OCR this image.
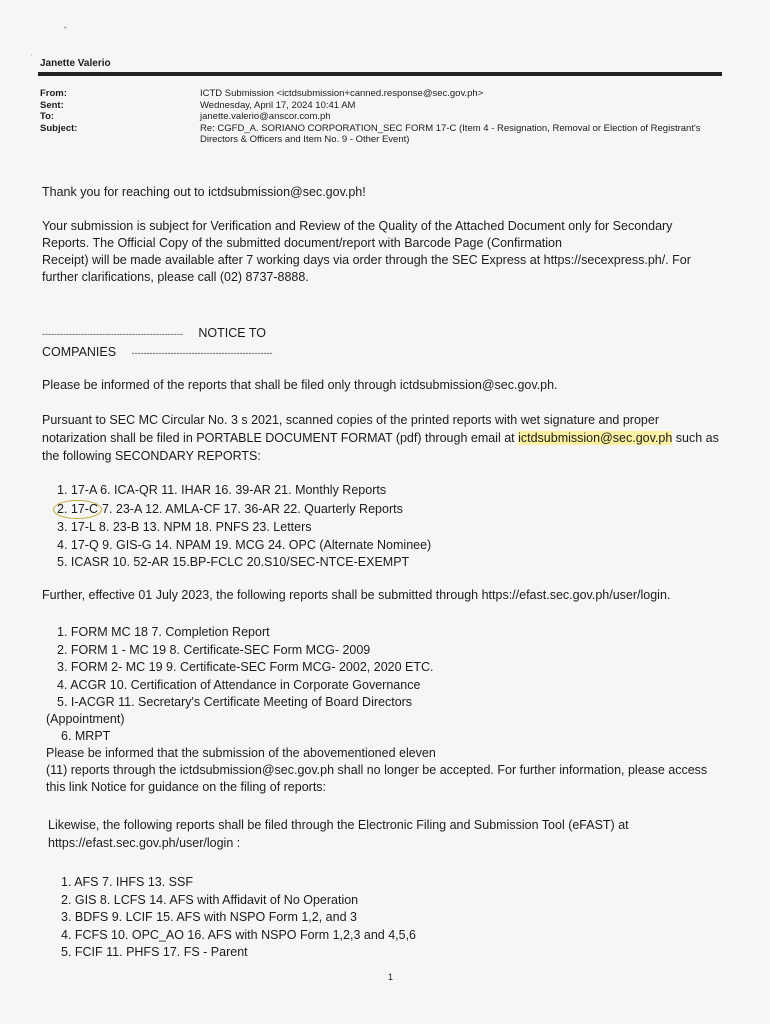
•
'
Janette Valerio
From:
Sent:
To:
Subject:
ICTD Submission <ictdsubmission+canned.response@sec.gov.ph>
Wednesday, April 17, 2024 10:41 AM
janette.valerio@anscor.com.ph
Re: CGFD_A. SORIANO CORPORATION_SEC FORM 17-C (Item 4 - Resignation, Removal or Election of Registrant's Directors & Officers and Item No. 9 - Other Event)

Thank you for reaching out to ictdsubmission@sec.gov.ph!

Your submission is subject for Verification and Review of the Quality of the Attached Document only for Secondary
Reports. The Official Copy of the submitted document/report with Barcode Page (Confirmation
Receipt) will be made available after 7 working days via order through the SEC Express at https://secexpress.ph/. For
further clarifications, please call (02) 8737-8888.
----------------------------------------------- NOTICE TO
COMPANIES -----------------------------------------------

Please be informed of the reports that shall be filed only through ictdsubmission@sec.gov.ph.

Pursuant to SEC MC Circular No. 3 s 2021, scanned copies of the printed reports with wet signature and proper
notarization shall be filed in PORTABLE DOCUMENT FORMAT (pdf) through email at ictdsubmission@sec.gov.ph such as
the following SECONDARY REPORTS:
1. 17-A 6. ICA-QR 11. IHAR 16. 39-AR 21. Monthly Reports
2. 17-C 7. 23-A 12. AMLA-CF 17. 36-AR 22. Quarterly Reports
3. 17-L 8. 23-B 13. NPM 18. PNFS 23. Letters
4. 17-Q 9. GIS-G 14. NPAM 19. MCG 24. OPC (Alternate Nominee)
5. ICASR 10. 52-AR 15.BP-FCLC 20.S10/SEC-NTCE-EXEMPT

Further, effective 01 July 2023, the following reports shall be submitted through https://efast.sec.gov.ph/user/login.

1. FORM MC 18 7. Completion Report
2. FORM 1 - MC 19 8. Certificate-SEC Form MCG- 2009
3. FORM 2- MC 19 9. Certificate-SEC Form MCG- 2002, 2020 ETC.
4. ACGR 10. Certification of Attendance in Corporate Governance
5. I-ACGR 11. Secretary's Certificate Meeting of Board Directors
(Appointment)
6. MRPT
Please be informed that the submission of the abovementioned eleven
(11) reports through the ictdsubmission@sec.gov.ph shall no longer be accepted. For further information, please access
this link Notice for guidance on the filing of reports:
Likewise, the following reports shall be filed through the Electronic Filing and Submission Tool (eFAST) at
https://efast.sec.gov.ph/user/login :
1. AFS 7. IHFS 13. SSF
2. GIS 8. LCFS 14. AFS with Affidavit of No Operation
3. BDFS 9. LCIF 15. AFS with NSPO Form 1,2, and 3
4. FCFS 10. OPC_AO 16. AFS with NSPO Form 1,2,3 and 4,5,6
5. FCIF 11. PHFS 17. FS - Parent
1
